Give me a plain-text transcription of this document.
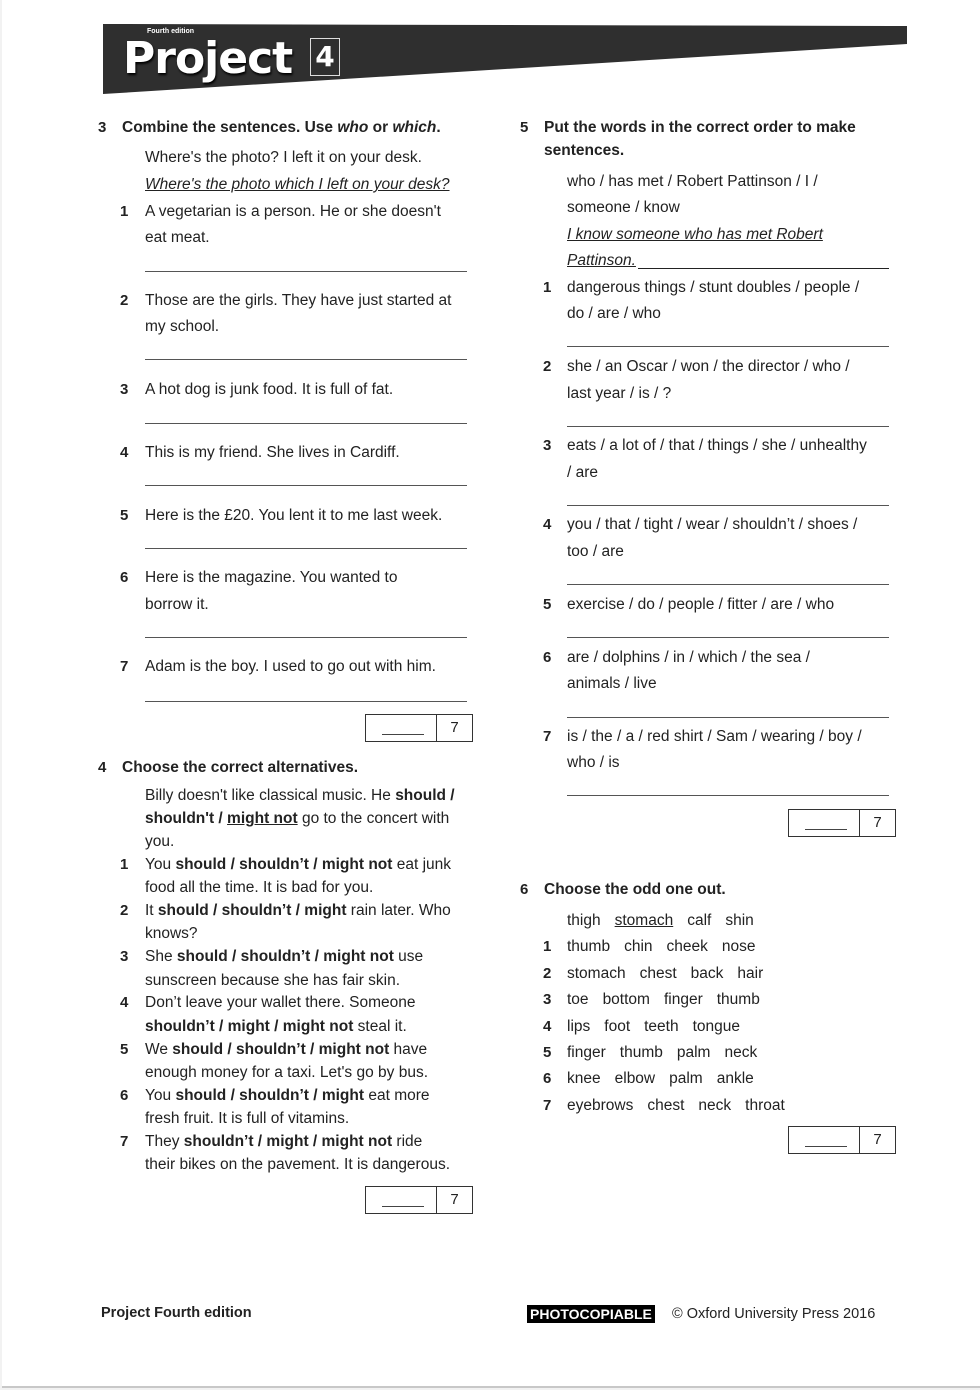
Fourth edition
Project 4
3 Combine the sentences. Use who or which.
Where's the photo? I left it on your desk.
Where's the photo which I left on your desk?
1 A vegetarian is a person. He or she doesn't
eat meat.
2 Those are the girls. They have just started at
my school.
3 A hot dog is junk food. It is full of fat.
4 This is my friend. She lives in Cardiff.
5 Here is the £20. You lent it to me last week.
6 Here is the magazine. You wanted to
borrow it.
7 Adam is the boy. I used to go out with him.
7
4 Choose the correct alternatives.
Billy doesn't like classical music. He should /
shouldn't / might not go to the concert with
you.
1 You should / shouldn’t / might not eat junk
food all the time. It is bad for you.
2 It should / shouldn’t / might rain later. Who
knows?
3 She should / shouldn’t / might not use
sunscreen because she has fair skin.
4 Don’t leave your wallet there. Someone
shouldn’t / might / might not steal it.
5 We should / shouldn’t / might not have
enough money for a taxi. Let's go by bus.
6 You should / shouldn’t / might eat more
fresh fruit. It is full of vitamins.
7 They shouldn’t / might / might not ride
their bikes on the pavement. It is dangerous.
7
5 Put the words in the correct order to make
sentences.
who / has met / Robert Pattinson / I /
someone / know
I know someone who has met Robert
Pattinson.
1 dangerous things / stunt doubles / people /
do / are / who
2 she / an Oscar / won / the director / who /
last year / is / ?
3 eats / a lot of / that / things / she / unhealthy
/ are
4 you / that / tight / wear / shouldn’t / shoes /
too / are
5 exercise / do / people / fitter / are / who
6 are / dolphins / in / which / the sea /
animals / live
7 is / the / a / red shirt / Sam / wearing / boy /
who / is
7
6 Choose the odd one out.
thigh stomach calf shin
1 thumb chin cheek nose
2 stomach chest back hair
3 toe bottom finger thumb
4 lips foot teeth tongue
5 finger thumb palm neck
6 knee elbow palm ankle
7 eyebrows chest neck throat
7
Project Fourth edition	PHOTOCOPIABLE © Oxford University Press 2016
